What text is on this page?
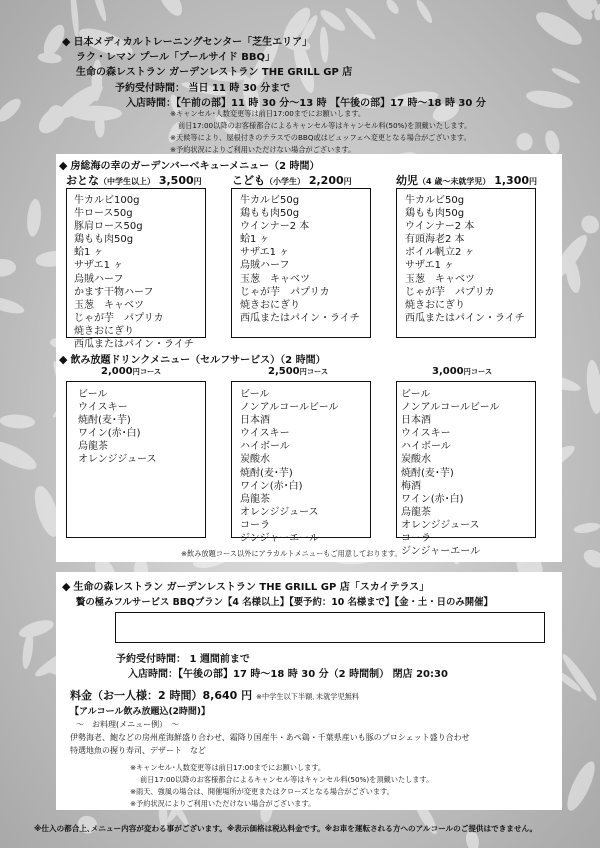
◆ 日本メディカルトレーニングセンター「芝生エリア」
ラク・レマン プール「プールサイド BBQ」
生命の森レストラン ガーデンレストラン THE GRILL GP 店
予約受付時間： 当日 11 時 30 分まで
入店時間：【午前の部】11 時 30 分～13 時 【午後の部】17 時～18 時 30 分
※キャンセル･人数変更等は前日17:00までにお願いします。
前日17:00以降のお客様都合によるキャンセル等はキャンセル料(50%)を頂戴いたします。
※天候等により、屋根付きのテラスでのBBQ或はビュッフェへ変更となる場合がございます。
※予約状況によりご利用いただけない場合がございます。
◆ 房総海の幸のガーデンバーベキューメニュー（2 時間）
おとな（中学生以上） 3,500円	こども（小学生） 2,200円	幼児（4 歳～未就学児） 1,300円
牛カルビ100g
牛ロース50g
豚肩ロース50g
鶏もも肉50g
蛤1 ヶ
サザエ1 ヶ
烏賊ハーフ
かます干物ハーフ
玉葱　キャベツ
じゃが芋　パプリカ
焼きおにぎり
西瓜またはパイン・ライチ
牛カルビ50g
鶏もも肉50g
ウインナー2 本
蛤1 ヶ
サザエ1 ヶ
烏賊ハーフ
玉葱　キャベツ
じゃが芋　パプリカ
焼きおにぎり
西瓜またはパイン・ライチ
牛カルビ50g
鶏もも肉50g
ウインナー2 本
有頭海老2 本
ボイル帆立2 ヶ
サザエ1 ヶ
玉葱　キャベツ
じゃが芋　パプリカ
焼きおにぎり
西瓜またはパイン・ライチ
◆ 飲み放題ドリンクメニュー（セルフサービス）（2 時間）
2,000円コース	2,500円コース	3,000円コース
ビール
ウイスキー
焼酎(麦･芋)
ワイン(赤･白)
烏龍茶
オレンジジュース
ビール
ノンアルコールビール
日本酒
ウイスキー
ハイボール
炭酸水
焼酎(麦･芋)
ワイン(赤･白)
烏龍茶
オレンジジュース
コーラ
ジンジャーエール
ビール
ノンアルコールビール
日本酒
ウイスキー
ハイボール
炭酸水
焼酎(麦･芋)
梅酒
ワイン(赤･白)
烏龍茶
オレンジジュース
コーラ
ジンジャーエール
※飲み放題コース以外にアラカルトメニューもご用意しております。
◆ 生命の森レストラン ガーデンレストラン THE GRILL GP 店「スカイテラス」
贅の極みフルサービス BBQプラン【4 名様以上】【要予約：10 名様まで】【金・土・日のみ開催】
予約受付時間： 1 週間前まで
入店時間：【午後の部】17 時～18 時 30 分（2 時間制） 閉店 20:30
料金（お一人様：2 時間）8,640 円 ※中学生以下半額､未就学児無料
【アルコール飲み放題込(2時間)】
～　お料理(メニュー例）　～
伊勢海老、鮑などの房州産海鮮盛り合わせ、霜降り国産牛・あぺ鶏・千葉県産いも豚のプロシェット盛り合わせ
特選地魚の握り寿司、デザート　など
※キャンセル･人数変更等は前日17:00までにお願いします。
前日17:00以降のお客様都合によるキャンセル等はキャンセル料(50%)を頂戴いたします。
※雨天、強風の場合は、開催場所が変更またはクローズとなる場合がございます。
※予約状況によりご利用いただけない場合がございます。
※仕入の都合上､メニュー内容が変わる事がございます。※表示価格は税込料金です。※お車を運転される方へのアルコールのご提供はできません。
